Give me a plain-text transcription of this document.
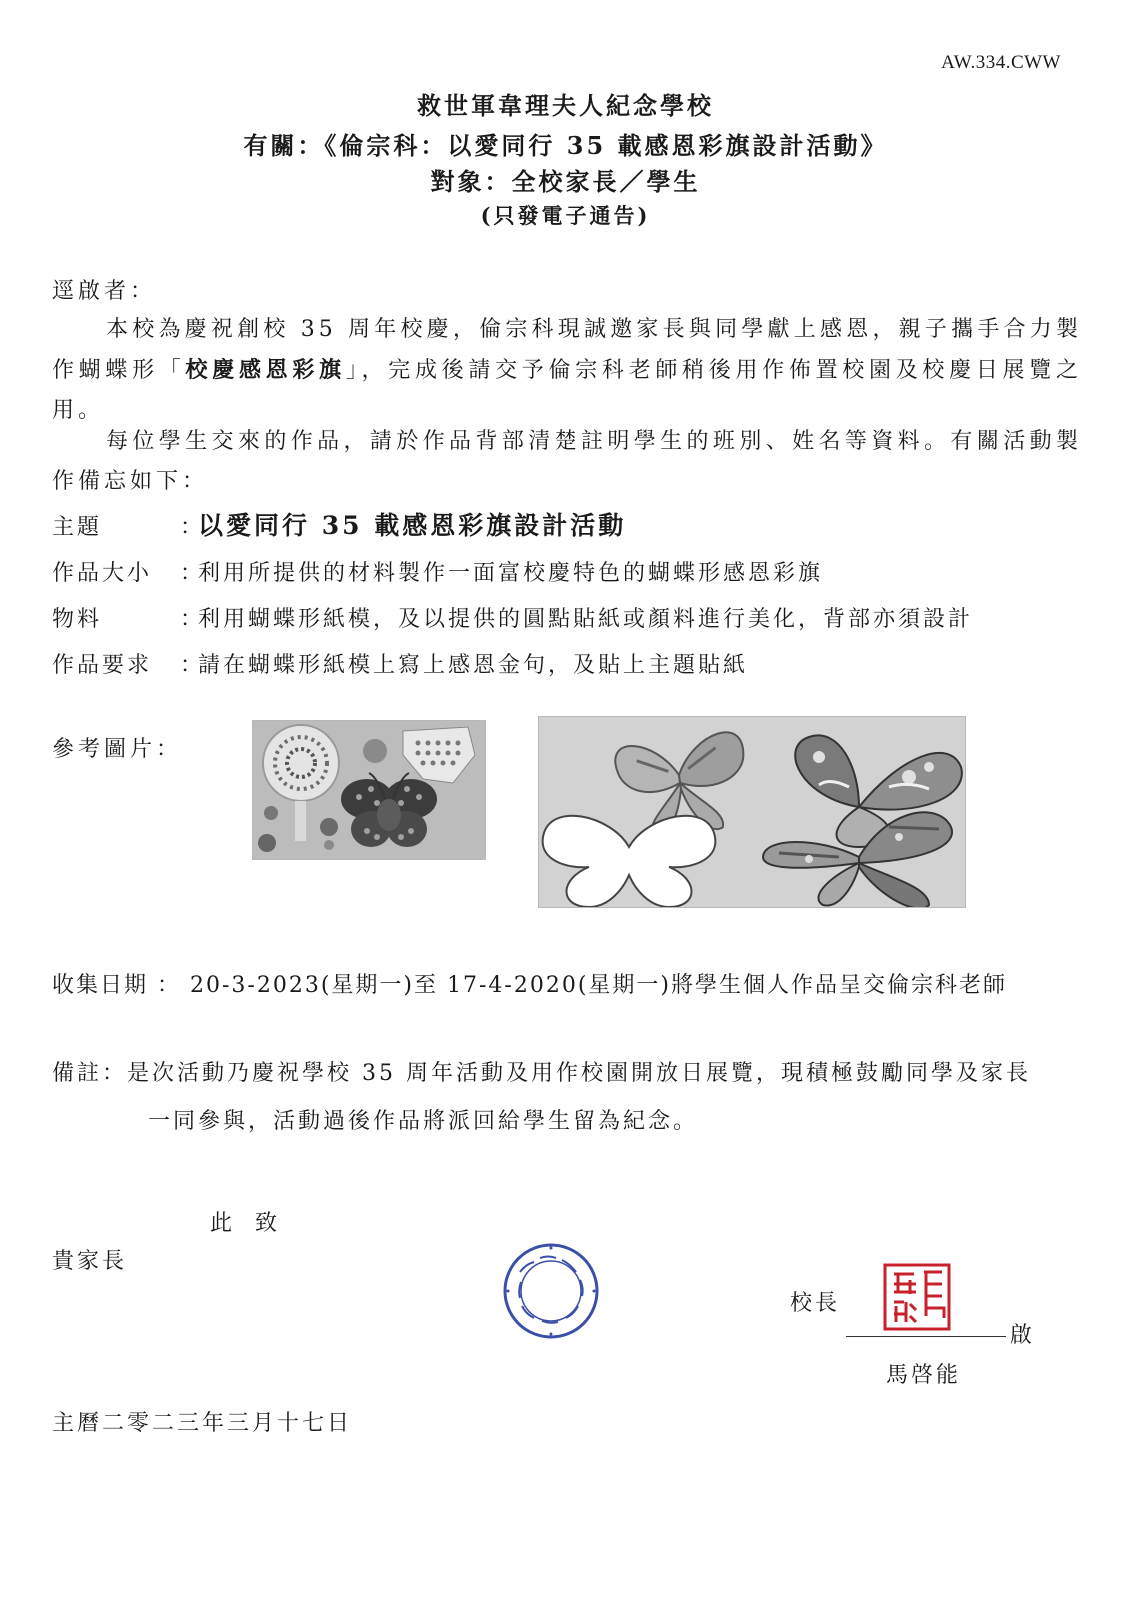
AW.334.CWW
救世軍韋理夫人紀念學校
有關：《倫宗科：以愛同行 35 載感恩彩旗設計活動》
對象：全校家長／學生
(只發電子通告)
逕啟者：
本校為慶祝創校 35 周年校慶，倫宗科現誠邀家長與同學獻上感恩，親子攜手合力製作蝴蝶形「校慶感恩彩旗」，完成後請交予倫宗科老師稍後用作佈置校園及校慶日展覽之用。
每位學生交來的作品，請於作品背部清楚註明學生的班別、姓名等資料。有關活動製作備忘如下：
主題	：以愛同行 35 載感恩彩旗設計活動
作品大小 ：利用所提供的材料製作一面富校慶特色的蝴蝶形感恩彩旗
物料	：利用蝴蝶形紙模，及以提供的圓點貼紙或顏料進行美化，背部亦須設計
作品要求 ：請在蝴蝶形紙模上寫上感恩金句，及貼上主題貼紙
參考圖片：
收集日期 ： 20-3-2023(星期一)至 17-4-2020(星期一)將學生個人作品呈交倫宗科老師
備註：是次活動乃慶祝學校 35 周年活動及用作校園開放日展覽，現積極鼓勵同學及家長
一同參與，活動過後作品將派回給學生留為紀念。
此 致
貴家長
校長
啟
馬啓能
主曆二零二三年三月十七日
